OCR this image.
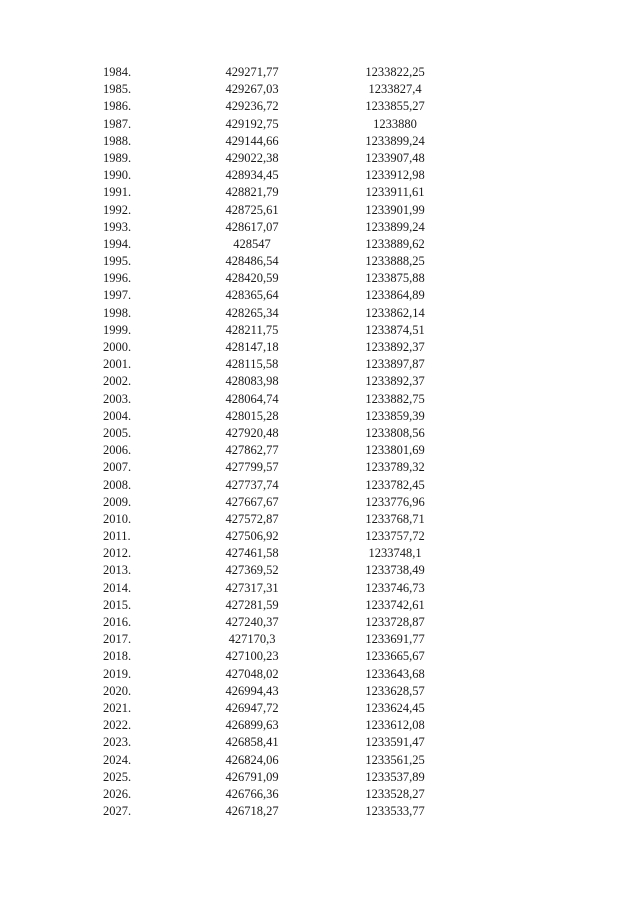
1984.	429271,77	1233822,25
1985.	429267,03	1233827,4
1986.	429236,72	1233855,27
1987.	429192,75	1233880
1988.	429144,66	1233899,24
1989.	429022,38	1233907,48
1990.	428934,45	1233912,98
1991.	428821,79	1233911,61
1992.	428725,61	1233901,99
1993.	428617,07	1233899,24
1994.	428547	1233889,62
1995.	428486,54	1233888,25
1996.	428420,59	1233875,88
1997.	428365,64	1233864,89
1998.	428265,34	1233862,14
1999.	428211,75	1233874,51
2000.	428147,18	1233892,37
2001.	428115,58	1233897,87
2002.	428083,98	1233892,37
2003.	428064,74	1233882,75
2004.	428015,28	1233859,39
2005.	427920,48	1233808,56
2006.	427862,77	1233801,69
2007.	427799,57	1233789,32
2008.	427737,74	1233782,45
2009.	427667,67	1233776,96
2010.	427572,87	1233768,71
2011.	427506,92	1233757,72
2012.	427461,58	1233748,1
2013.	427369,52	1233738,49
2014.	427317,31	1233746,73
2015.	427281,59	1233742,61
2016.	427240,37	1233728,87
2017.	427170,3	1233691,77
2018.	427100,23	1233665,67
2019.	427048,02	1233643,68
2020.	426994,43	1233628,57
2021.	426947,72	1233624,45
2022.	426899,63	1233612,08
2023.	426858,41	1233591,47
2024.	426824,06	1233561,25
2025.	426791,09	1233537,89
2026.	426766,36	1233528,27
2027.	426718,27	1233533,77
